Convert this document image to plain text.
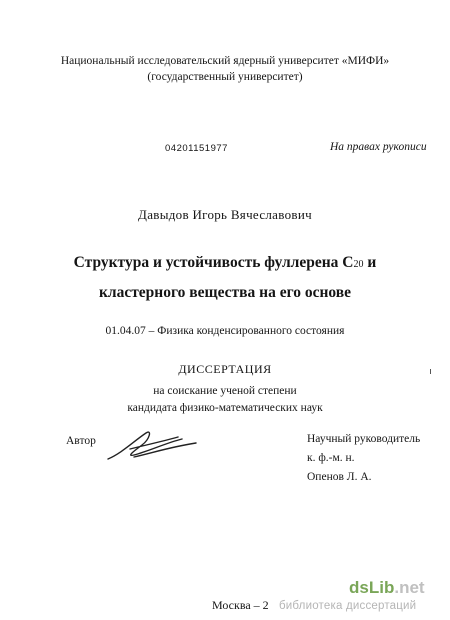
Национальный исследовательский ядерный университет «МИФИ»
(государственный университет)
04201151977	На правах рукописи
Давыдов Игорь Вячеславович
Структура и устойчивость фуллерена С20 и
кластерного вещества на его основе
01.04.07 – Физика конденсированного состояния
ДИССЕРТАЦИЯ
на соискание ученой степени
кандидата физико-математических наук
Автор	Научный руководитель
к. ф.-м. н.
Опенов Л. А.
Москва – 2
dsLib.net
библиотека диссертаций
